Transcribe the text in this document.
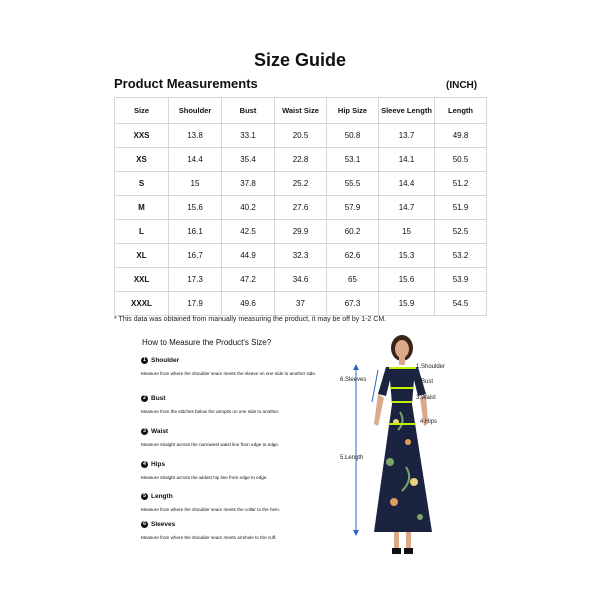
Size Guide
Product Measurements	(INCH)
Size	Shoulder	Bust	Waist Size	Hip Size	Sleeve Length	Length
XXS	13.8	33.1	20.5	50.8	13.7	49.8
XS	14.4	35.4	22.8	53.1	14.1	50.5
S	15	37.8	25.2	55.5	14.4	51.2
M	15.6	40.2	27.6	57.9	14.7	51.9
L	16.1	42.5	29.9	60.2	15	52.5
XL	16.7	44.9	32.3	62.6	15.3	53.2
XXL	17.3	47.2	34.6	65	15.6	53.9
XXXL	17.9	49.6	37	67.3	15.9	54.5
* This data was obtained from manually measuring the product, it may be off by 1-2 CM.
How to Measure the Product's Size?
1 Shoulder
Measure from where the shoulder seam meets the sleeve on one side to another side.
2 Bust
Measure from the stitches below the armpits on one side to another.
3 Waist
Measure straight across the narrowest waist line from edge to edge.
4 Hips
Measure straight across the widest hip line from edge to edge.
5 Length
Measure from where the shoulder seam meets the collar to the hem.
6 Sleeves
Measure from where the shoulder seam meets armhole to the cuff.
1.Shoulder
2.Bust
3.Waist
4.Hips
5.Length
6.Sleeves
